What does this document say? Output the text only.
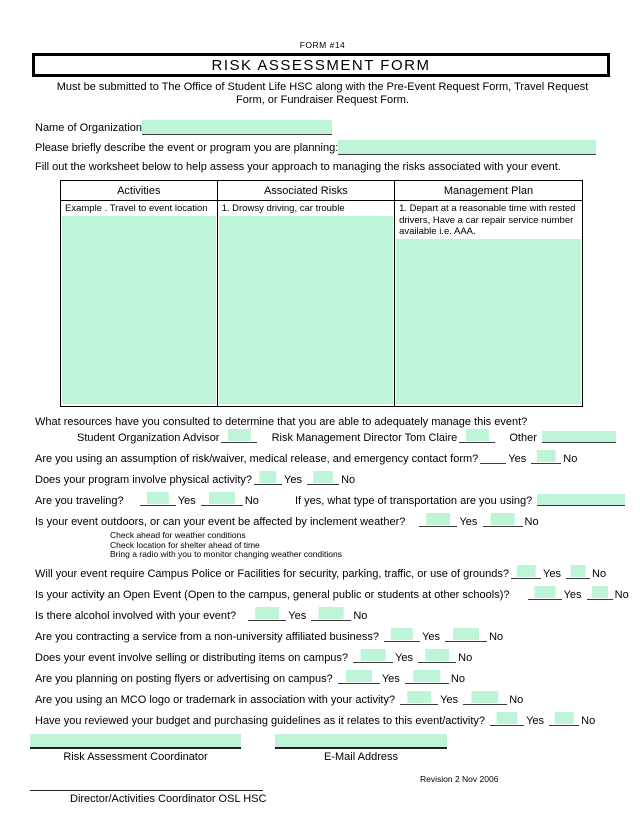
FORM #14
RISK ASSESSMENT FORM
Must be submitted to The Office of Student Life HSC along with the Pre-Event Request Form, Travel Request Form, or Fundraiser Request Form.
Name of Organization
Please briefly describe the event or program you are planning:
Fill out the worksheet below to help assess your approach to managing the risks associated with your event.
Activities	Associated Risks	Management Plan

Example . Travel to event location	1. Drowsy driving, car trouble	1. Depart at a reasonable time with rested drivers, Have a car repair service number available i.e. AAA.
What resources have you consulted to determine that you are able to adequately manage this event?
Student Organization Advisor	Risk Management Director Tom Claire	Other
Are you using an assumption of risk/waiver, medical release, and emergency contact form?	Yes	No
Does your program involve physical activity?	Yes	No
Are you traveling?	Yes	No	If yes, what type of transportation are you using?
Is your event outdoors, or can your event be affected by inclement weather?	Yes	No
Check ahead for weather conditions
Check location for shelter ahead of time
Bring a radio with you to monitor changing weather conditions
Will your event require Campus Police or Facilities for security, parking, traffic, or use of grounds?	Yes	No
Is your activity an Open Event (Open to the campus, general public or students at other schools)?	Yes	No
Is there alcohol involved with your event?	Yes	No
Are you contracting a service from a non-university affiliated business?	Yes	No
Does your event involve selling or distributing items on campus?	Yes	No
Are you planning on posting flyers or advertising on campus?	Yes	No
Are you using an MCO logo or trademark in association with your activity?	Yes	No
Have you reviewed your budget and purchasing guidelines as it relates to this event/activity?	Yes	No
Risk Assessment Coordinator	E-Mail Address
Director/Activities Coordinator OSL HSC
Revision 2 Nov 2006
